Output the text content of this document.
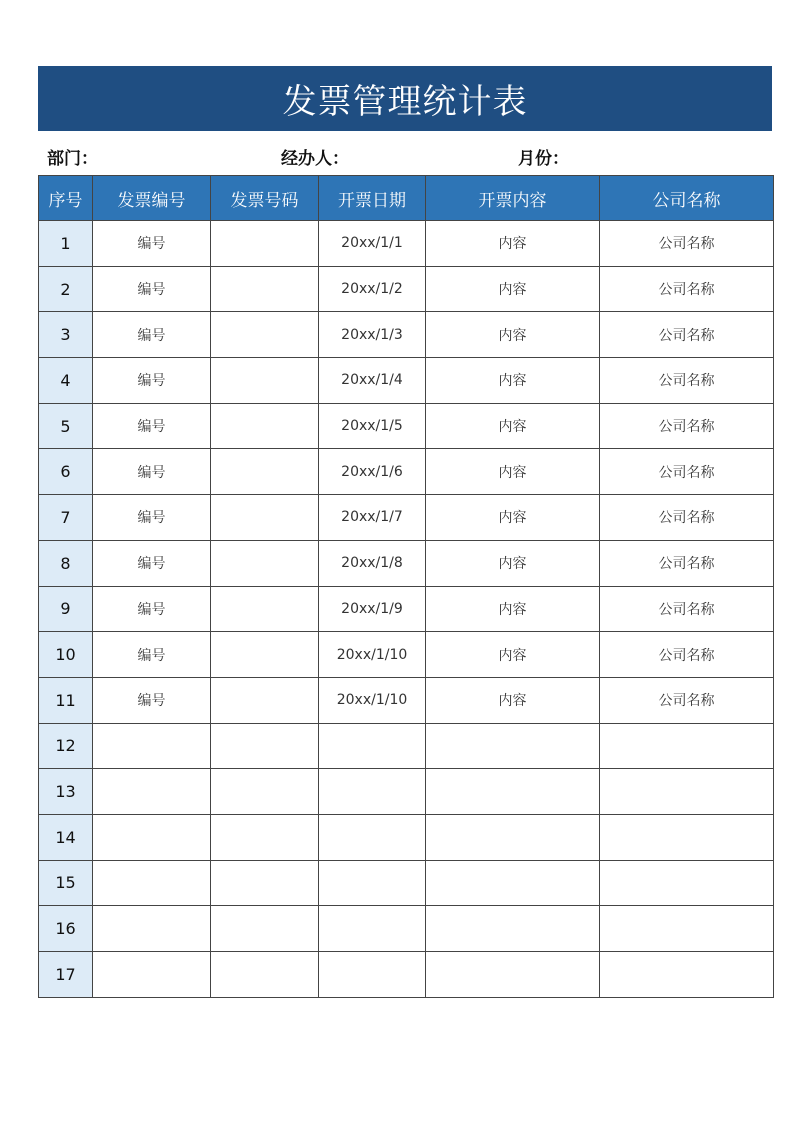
发票管理统计表
部门：	经办人：	月份：
序号	发票编号	发票号码	开票日期	开票内容	公司名称
1	编号		20xx/1/1	内容	公司名称
2	编号		20xx/1/2	内容	公司名称
3	编号		20xx/1/3	内容	公司名称
4	编号		20xx/1/4	内容	公司名称
5	编号		20xx/1/5	内容	公司名称
6	编号		20xx/1/6	内容	公司名称
7	编号		20xx/1/7	内容	公司名称
8	编号		20xx/1/8	内容	公司名称
9	编号		20xx/1/9	内容	公司名称
10	编号		20xx/1/10	内容	公司名称
11	编号		20xx/1/10	内容	公司名称
12					
13					
14					
15					
16					
17					
